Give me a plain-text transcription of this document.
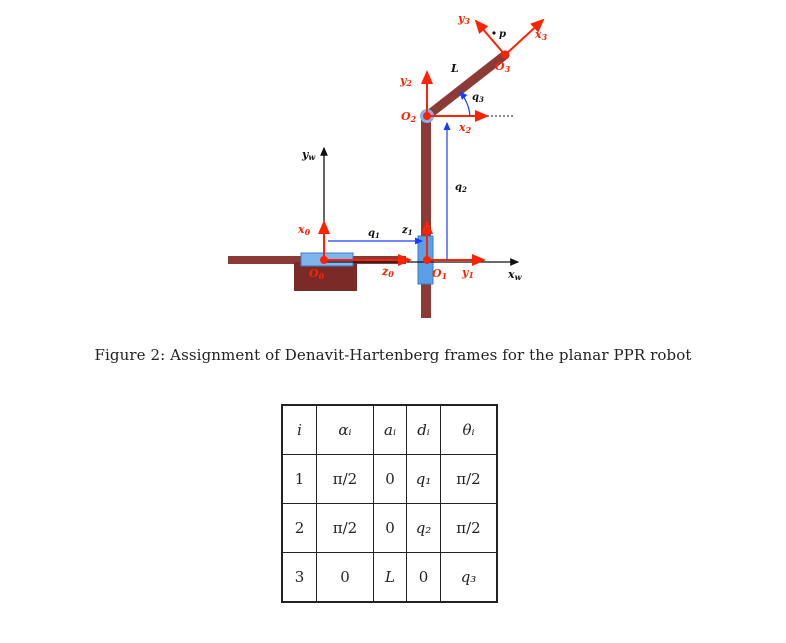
yw
xw
x0	$q_1$ $z_1$
O0	z0	O1 y1
$q_2$
O2
y2
x2
$q_3$
L	O3
y3
x3
p
Figure 2: Assignment of Denavit-Hartenberg frames for the planar PPR robot
i	αᵢ	aᵢ	dᵢ	θᵢ
1	π/2	0	q₁	π/2
2	π/2	0	q₂	π/2
3	0	L	0	q₃
